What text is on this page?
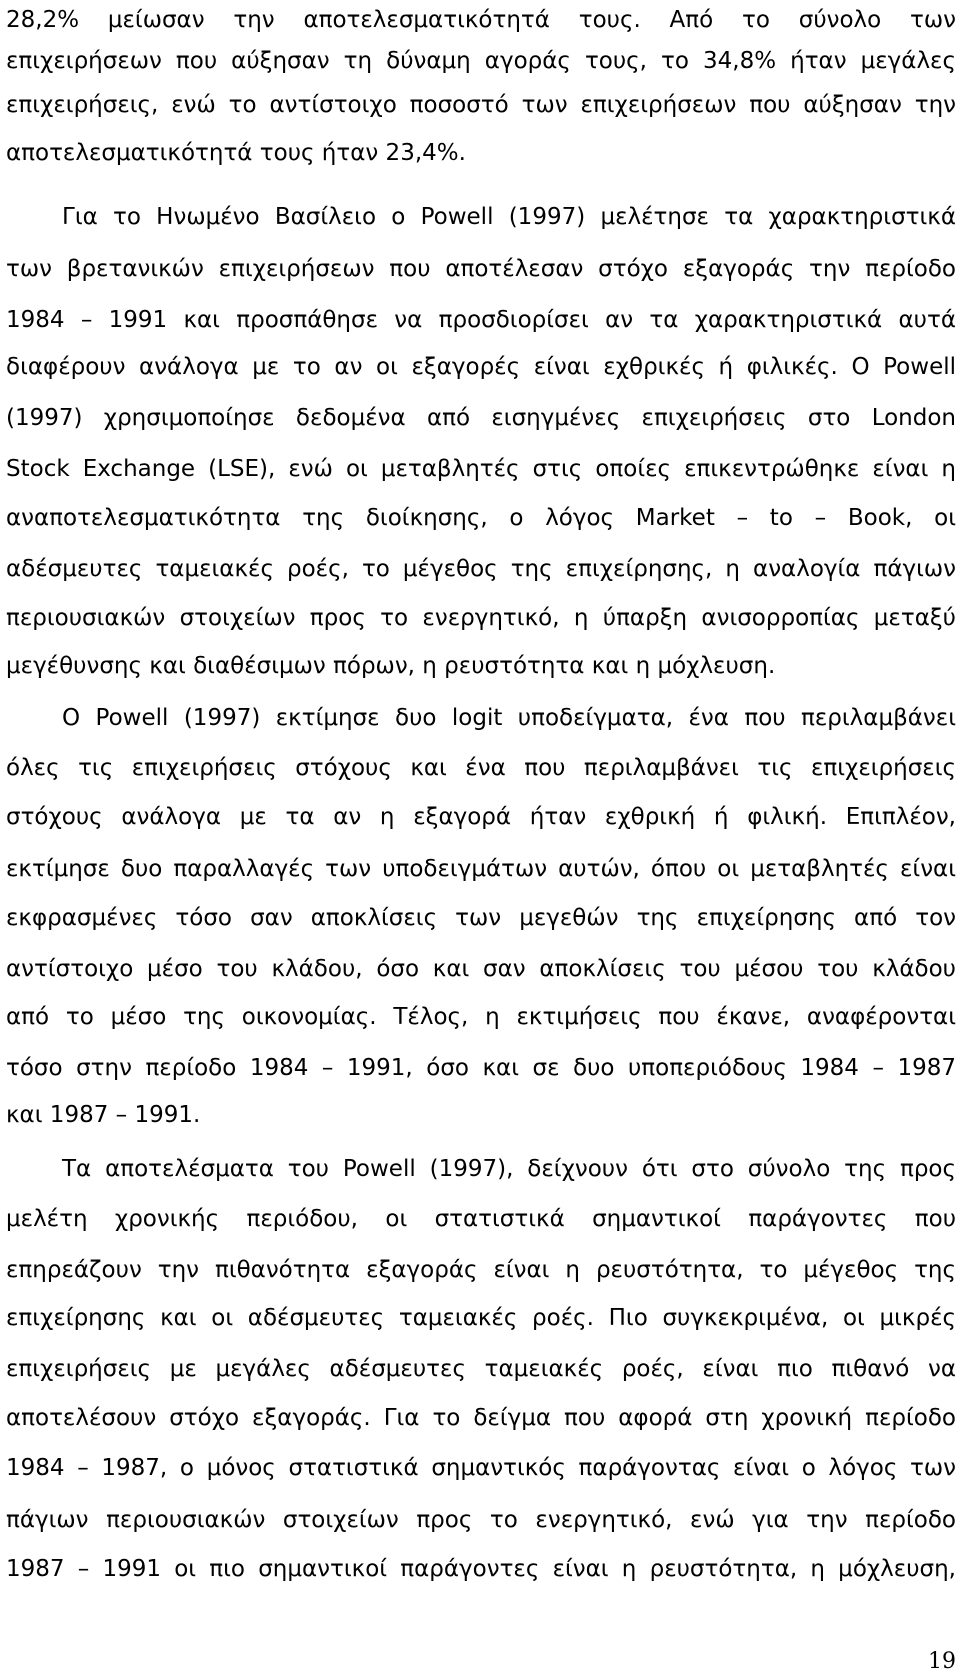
28,2% μείωσαν την αποτελεσματικότητά τους. Από το σύνολο των
επιχειρήσεων που αύξησαν τη δύναμη αγοράς τους, το 34,8% ήταν μεγάλες
επιχειρήσεις, ενώ το αντίστοιχο ποσοστό των επιχειρήσεων που αύξησαν την
αποτελεσματικότητά τους ήταν 23,4%.
Για το Ηνωμένο Βασίλειο ο Powell (1997) μελέτησε τα χαρακτηριστικά
των βρετανικών επιχειρήσεων που αποτέλεσαν στόχο εξαγοράς την περίοδο
1984 – 1991 και προσπάθησε να προσδιορίσει αν τα χαρακτηριστικά αυτά
διαφέρουν ανάλογα με το αν οι εξαγορές είναι εχθρικές ή φιλικές. Ο Powell
(1997) χρησιμοποίησε δεδομένα από εισηγμένες επιχειρήσεις στο London
Stock Exchange (LSE), ενώ οι μεταβλητές στις οποίες επικεντρώθηκε είναι η
αναποτελεσματικότητα της διοίκησης, ο λόγος Market – to – Book, οι
αδέσμευτες ταμειακές ροές, το μέγεθος της επιχείρησης, η αναλογία πάγιων
περιουσιακών στοιχείων προς το ενεργητικό, η ύπαρξη ανισορροπίας μεταξύ
μεγέθυνσης και διαθέσιμων πόρων, η ρευστότητα και η μόχλευση.
Ο Powell (1997) εκτίμησε δυο logit υποδείγματα, ένα που περιλαμβάνει
όλες τις επιχειρήσεις στόχους και ένα που περιλαμβάνει τις επιχειρήσεις
στόχους ανάλογα με τα αν η εξαγορά ήταν εχθρική ή φιλική. Επιπλέον,
εκτίμησε δυο παραλλαγές των υποδειγμάτων αυτών, όπου οι μεταβλητές είναι
εκφρασμένες τόσο σαν αποκλίσεις των μεγεθών της επιχείρησης από τον
αντίστοιχο μέσο του κλάδου, όσο και σαν αποκλίσεις του μέσου του κλάδου
από το μέσο της οικονομίας. Τέλος, η εκτιμήσεις που έκανε, αναφέρονται
τόσο στην περίοδο 1984 – 1991, όσο και σε δυο υποπεριόδους 1984 – 1987
και 1987 – 1991.
Τα αποτελέσματα του Powell (1997), δείχνουν ότι στο σύνολο της προς
μελέτη χρονικής περιόδου, οι στατιστικά σημαντικοί παράγοντες που
επηρεάζουν την πιθανότητα εξαγοράς είναι η ρευστότητα, το μέγεθος της
επιχείρησης και οι αδέσμευτες ταμειακές ροές. Πιο συγκεκριμένα, οι μικρές
επιχειρήσεις με μεγάλες αδέσμευτες ταμειακές ροές, είναι πιο πιθανό να
αποτελέσουν στόχο εξαγοράς. Για το δείγμα που αφορά στη χρονική περίοδο
1984 – 1987, ο μόνος στατιστικά σημαντικός παράγοντας είναι ο λόγος των
πάγιων περιουσιακών στοιχείων προς το ενεργητικό, ενώ για την περίοδο
1987 – 1991 οι πιο σημαντικοί παράγοντες είναι η ρευστότητα, η μόχλευση,
19
